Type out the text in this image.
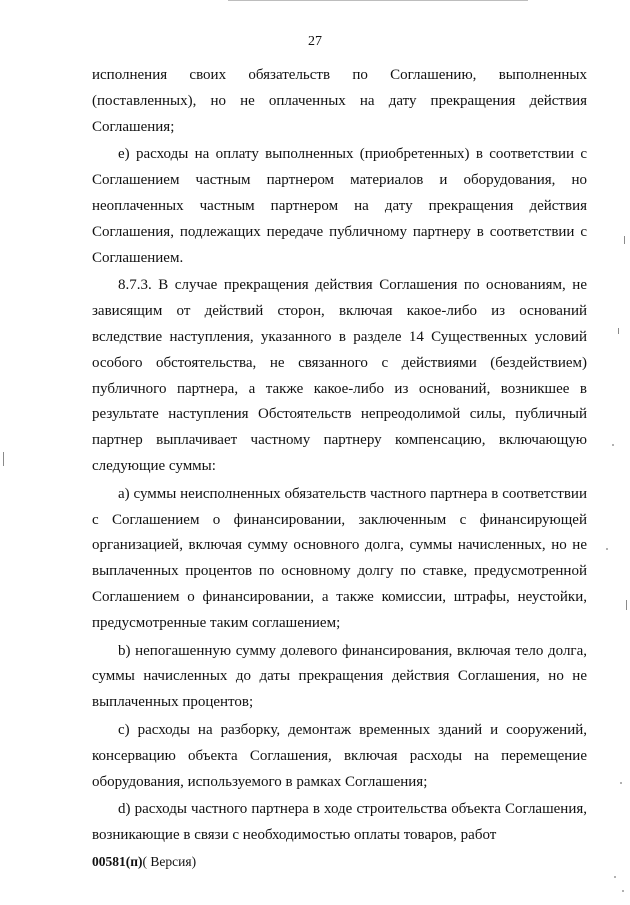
27

исполнения своих обязательств по Соглашению, выполненных (поставленных), но не оплаченных на дату прекращения действия Соглашения;

е) расходы на оплату выполненных (приобретенных) в соответствии с Соглашением частным партнером материалов и оборудования, но неоплаченных частным партнером на дату прекращения действия Соглашения, подлежащих передаче публичному партнеру в соответствии с Соглашением.

8.7.3. В случае прекращения действия Соглашения по основаниям, не зависящим от действий сторон, включая какое-либо из оснований вследствие наступления, указанного в разделе 14 Существенных условий особого обстоятельства, не связанного с действиями (бездействием) публичного партнера, а также какое-либо из оснований, возникшее в результате наступления Обстоятельств непреодолимой силы, публичный партнер выплачивает частному партнеру компенсацию, включающую следующие суммы:

а) суммы неисполненных обязательств частного партнера в соответствии с Соглашением о финансировании, заключенным с финансирующей организацией, включая сумму основного долга, суммы начисленных, но не выплаченных процентов по основному долгу по ставке, предусмотренной Соглашением о финансировании, а также комиссии, штрафы, неустойки, предусмотренные таким соглашением;

b) непогашенную сумму долевого финансирования, включая тело долга, суммы начисленных до даты прекращения действия Соглашения, но не выплаченных процентов;

с) расходы на разборку, демонтаж временных зданий и сооружений, консервацию объекта Соглашения, включая расходы на перемещение оборудования, используемого в рамках Соглашения;

d) расходы частного партнера в ходе строительства объекта Соглашения, возникающие в связи с необходимостью оплаты товаров, работ

00581(п)( Версия)
